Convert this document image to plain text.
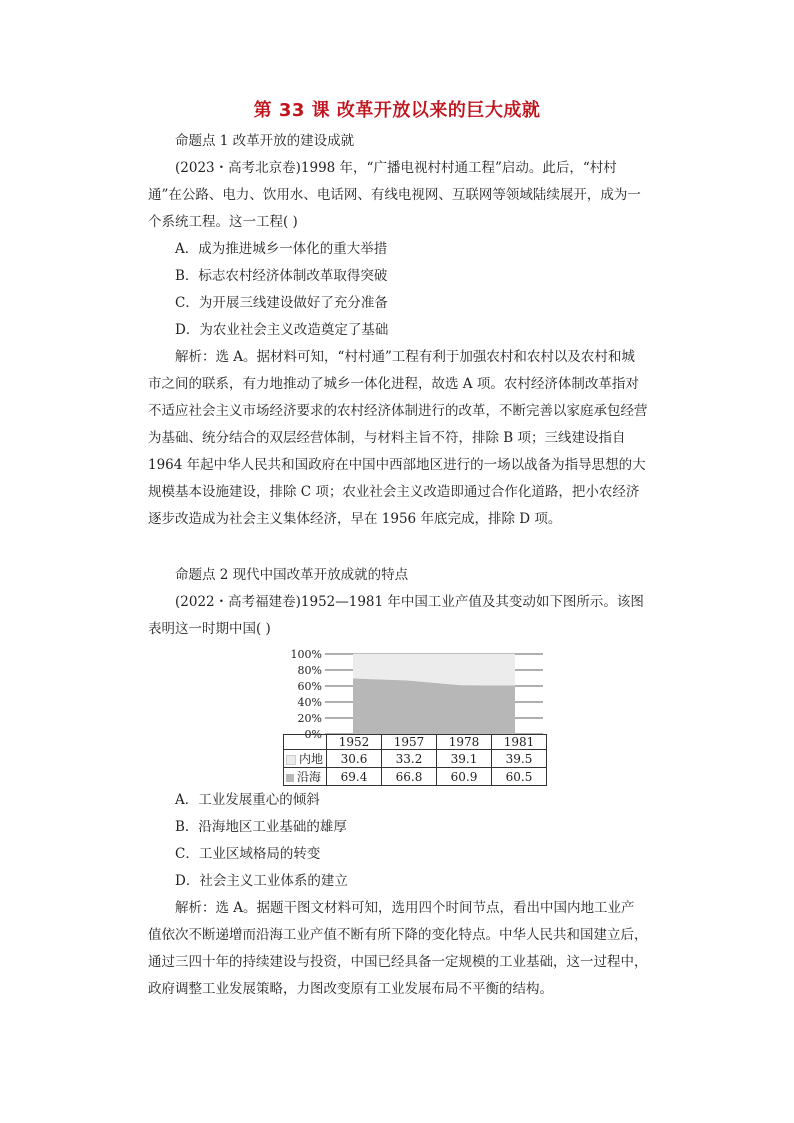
第 33 课 改革开放以来的巨大成就

命题点 1 改革开放的建设成就

(2023・高考北京卷)1998 年，“广播电视村村通工程”启动。此后，“村村通”在公路、电力、饮用水、电话网、有线电视网、互联网等领域陆续展开，成为一个系统工程。这一工程( )

A．成为推进城乡一体化的重大举措

B．标志农村经济体制改革取得突破

C．为开展三线建设做好了充分准备

D．为农业社会主义改造奠定了基础

解析：选 A。据材料可知，“村村通”工程有利于加强农村和农村以及农村和城市之间的联系，有力地推动了城乡一体化进程，故选 A 项。农村经济体制改革指对不适应社会主义市场经济要求的农村经济体制进行的改革，不断完善以家庭承包经营为基础、统分结合的双层经营体制，与材料主旨不符，排除 B 项；三线建设指自 1964 年起中华人民共和国政府在中国中西部地区进行的一场以战备为指导思想的大规模基本设施建设，排除 C 项；农业社会主义改造即通过合作化道路，把小农经济逐步改造成为社会主义集体经济，早在 1956 年底完成，排除 D 项。

命题点 2 现代中国改革开放成就的特点

(2022・高考福建卷)1952—1981 年中国工业产值及其变动如下图所示。该图表明这一时期中国( )

100%
80%
60%
40%
20%
0%
	1952	1957	1978	1981
内地	30.6	33.2	39.1	39.5
沿海	69.4	66.8	60.9	60.5

A．工业发展重心的倾斜

B．沿海地区工业基础的雄厚

C．工业区域格局的转变

D．社会主义工业体系的建立

解析：选 A。据题干图文材料可知，选用四个时间节点，看出中国内地工业产值依次不断递增而沿海工业产值不断有所下降的变化特点。中华人民共和国建立后，通过三四十年的持续建设与投资，中国已经具备一定规模的工业基础，这一过程中，政府调整工业发展策略，力图改变原有工业发展布局不平衡的结构。
